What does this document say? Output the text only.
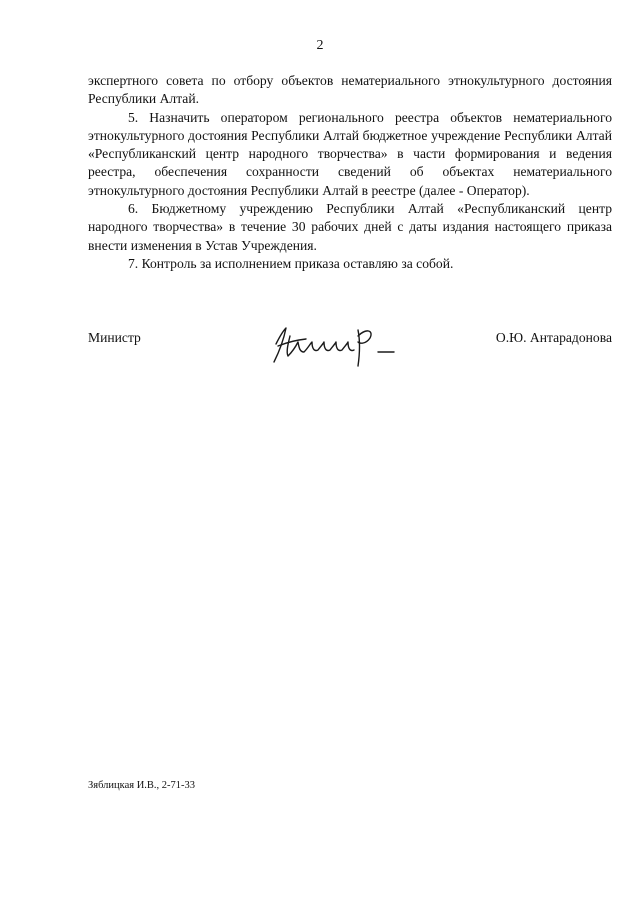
2

экспертного совета по отбору объектов нематериального этнокультурного достояния Республики Алтай.

5. Назначить оператором регионального реестра объектов нематериального этнокультурного достояния Республики Алтай бюджетное учреждение Республики Алтай «Республиканский центр народного творчества» в части формирования и ведения реестра, обеспечения сохранности сведений об объектах нематериального этнокультурного достояния Республики Алтай в реестре (далее - Оператор).

6. Бюджетному учреждению Республики Алтай «Республиканский центр народного творчества» в течение 30 рабочих дней с даты издания настоящего приказа внести изменения в Устав Учреждения.

7. Контроль за исполнением приказа оставляю за собой.

Министр	О.Ю. Антарадонова
Зяблицкая И.В., 2-71-33
